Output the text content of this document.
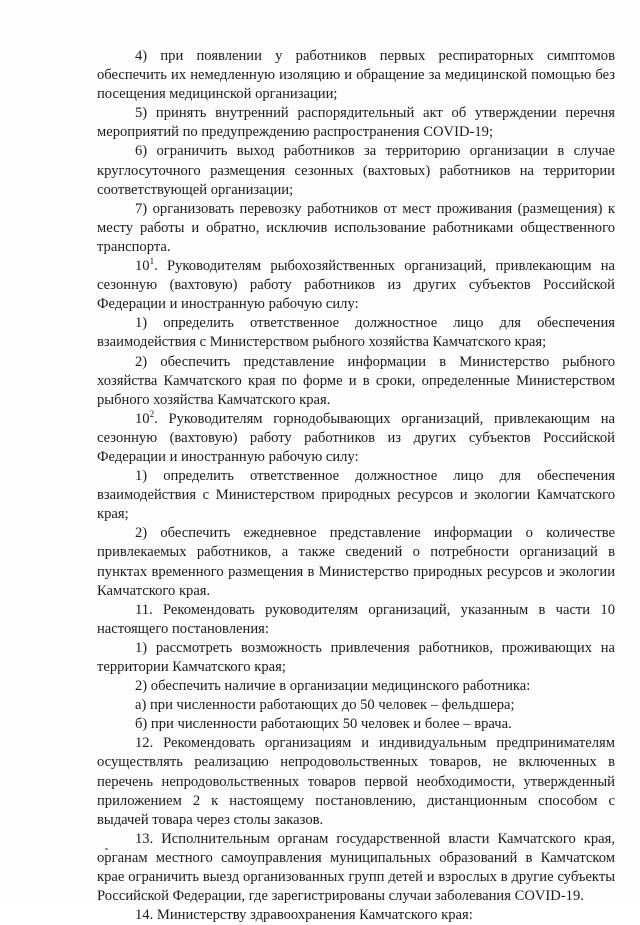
4) при появлении у работников первых респираторных симптомов обеспечить их немедленную изоляцию и обращение за медицинской помощью без посещения медицинской организации;

5) принять внутренний распорядительный акт об утверждении перечня мероприятий по предупреждению распространения COVID-19;

6) ограничить выход работников за территорию организации в случае круглосуточного размещения сезонных (вахтовых) работников на территории соответствующей организации;

7) организовать перевозку работников от мест проживания (размещения) к месту работы и обратно, исключив использование работниками общественного транспорта.

$10^1$. Руководителям рыбохозяйственных организаций, привлекающим на сезонную (вахтовую) работу работников из других субъектов Российской Федерации и иностранную рабочую силу:

1) определить ответственное должностное лицо для обеспечения взаимодействия с Министерством рыбного хозяйства Камчатского края;

2) обеспечить представление информации в Министерство рыбного хозяйства Камчатского края по форме и в сроки, определенные Министерством рыбного хозяйства Камчатского края.

$10^2$. Руководителям горнодобывающих организаций, привлекающим на сезонную (вахтовую) работу работников из других субъектов Российской Федерации и иностранную рабочую силу:

1) определить ответственное должностное лицо для обеспечения взаимодействия с Министерством природных ресурсов и экологии Камчатского края;

2) обеспечить ежедневное представление информации о количестве привлекаемых работников, а также сведений о потребности организаций в пунктах временного размещения в Министерство природных ресурсов и экологии Камчатского края.

11. Рекомендовать руководителям организаций, указанным в части 10 настоящего постановления:

1) рассмотреть возможность привлечения работников, проживающих на территории Камчатского края;

2) обеспечить наличие в организации медицинского работника:

а) при численности работающих до 50 человек – фельдшера;

б) при численности работающих 50 человек и более – врача.

12. Рекомендовать организациям и индивидуальным предпринимателям осуществлять реализацию непродовольственных товаров, не включенных в перечень непродовольственных товаров первой необходимости, утвержденный приложением 2 к настоящему постановлению, дистанционным способом с выдачей товара через столы заказов.

13. Исполнительным органам государственной власти Камчатского края, органам местного самоуправления муниципальных образований в Камчатском крае ограничить выезд организованных групп детей и взрослых в другие субъекты Российской Федерации, где зарегистрированы случаи заболевания COVID-19.

14. Министерству здравоохранения Камчатского края:
